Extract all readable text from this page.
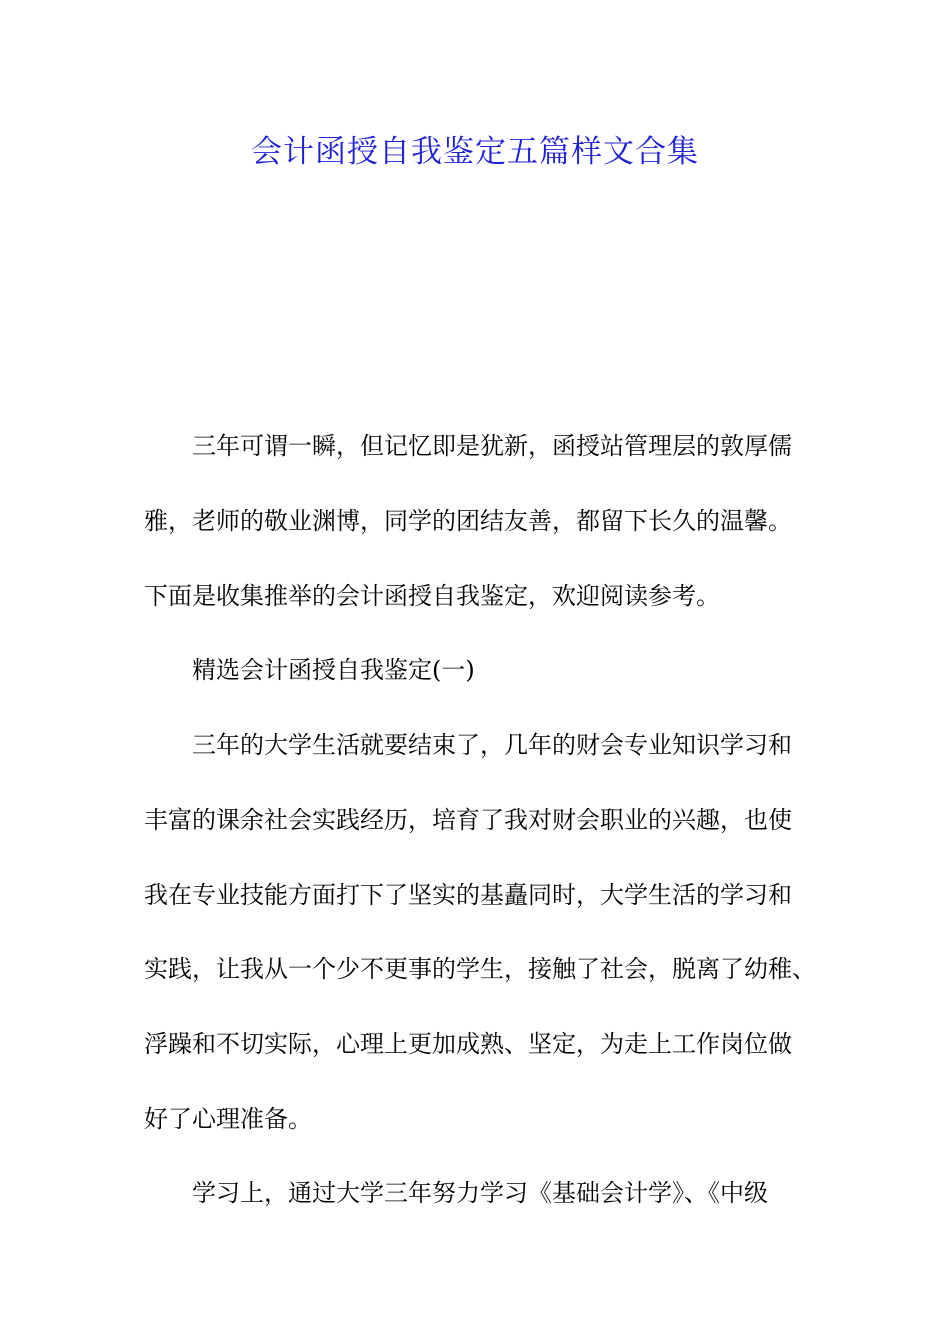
会计函授自我鉴定五篇样文合集

三年可谓一瞬，但记忆即是犹新，函授站管理层的敦厚儒

雅，老师的敬业渊博，同学的团结友善，都留下长久的温馨。

下面是收集推举的会计函授自我鉴定，欢迎阅读参考。

精选会计函授自我鉴定(一)

三年的大学生活就要结束了，几年的财会专业知识学习和

丰富的课余社会实践经历，培育了我对财会职业的兴趣，也使

我在专业技能方面打下了坚实的基矗同时，大学生活的学习和

实践，让我从一个少不更事的学生，接触了社会，脱离了幼稚、

浮躁和不切实际，心理上更加成熟、坚定，为走上工作岗位做

好了心理准备。

学习上，通过大学三年努力学习《基础会计学》、《中级
